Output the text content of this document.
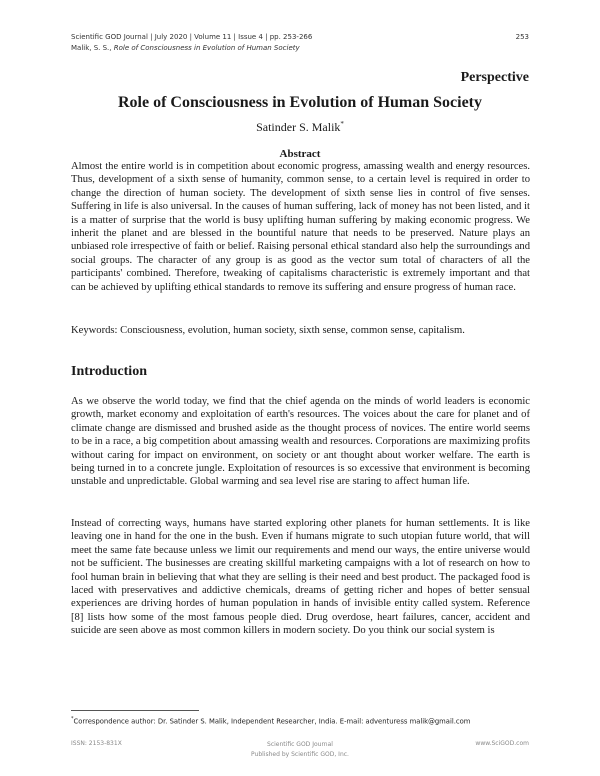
Scientific GOD Journal | July 2020 | Volume 11 | Issue 4 | pp. 253-266
Malik, S. S., Role of Consciousness in Evolution of Human Society
253
Perspective
Role of Consciousness in Evolution of Human Society
Satinder S. Malik*
Abstract
Almost the entire world is in competition about economic progress, amassing wealth and energy resources. Thus, development of a sixth sense of humanity, common sense, to a certain level is required in order to change the direction of human society. The development of sixth sense lies in control of five senses. Suffering in life is also universal. In the causes of human suffering, lack of money has not been listed, and it is a matter of surprise that the world is busy uplifting human suffering by making economic progress. We inherit the planet and are blessed in the bountiful nature that needs to be preserved. Nature plays an unbiased role irrespective of faith or belief. Raising personal ethical standard also help the surroundings and social groups. The character of any group is as good as the vector sum total of characters of all the participants' combined. Therefore, tweaking of capitalisms characteristic is extremely important and that can be achieved by uplifting ethical standards to remove its suffering and ensure progress of human race.
Keywords: Consciousness, evolution, human society, sixth sense, common sense, capitalism.
Introduction
As we observe the world today, we find that the chief agenda on the minds of world leaders is economic growth, market economy and exploitation of earth's resources. The voices about the care for planet and of climate change are dismissed and brushed aside as the thought process of novices. The entire world seems to be in a race, a big competition about amassing wealth and resources. Corporations are maximizing profits without caring for impact on environment, on society or ant thought about worker welfare. The earth is being turned in to a concrete jungle. Exploitation of resources is so excessive that environment is becoming unstable and unpredictable. Global warming and sea level rise are staring to affect human life.
Instead of correcting ways, humans have started exploring other planets for human settlements. It is like leaving one in hand for the one in the bush. Even if humans migrate to such utopian future world, that will meet the same fate because unless we limit our requirements and mend our ways, the entire universe would not be sufficient. The businesses are creating skillful marketing campaigns with a lot of research on how to fool human brain in believing that what they are selling is their need and best product. The packaged food is laced with preservatives and addictive chemicals, dreams of getting richer and hopes of better sensual experiences are driving hordes of human population in hands of invisible entity called system. Reference [8] lists how some of the most famous people died. Drug overdose, heart failures, cancer, accident and suicide are seen above as most common killers in modern society. Do you think our social system is
*Correspondence author: Dr. Satinder S. Malik, Independent Researcher, India. E-mail: adventuress malik@gmail.com
ISSN: 2153-831X	Scientific GOD Journal
Published by Scientific GOD, Inc.
www.SciGOD.com
